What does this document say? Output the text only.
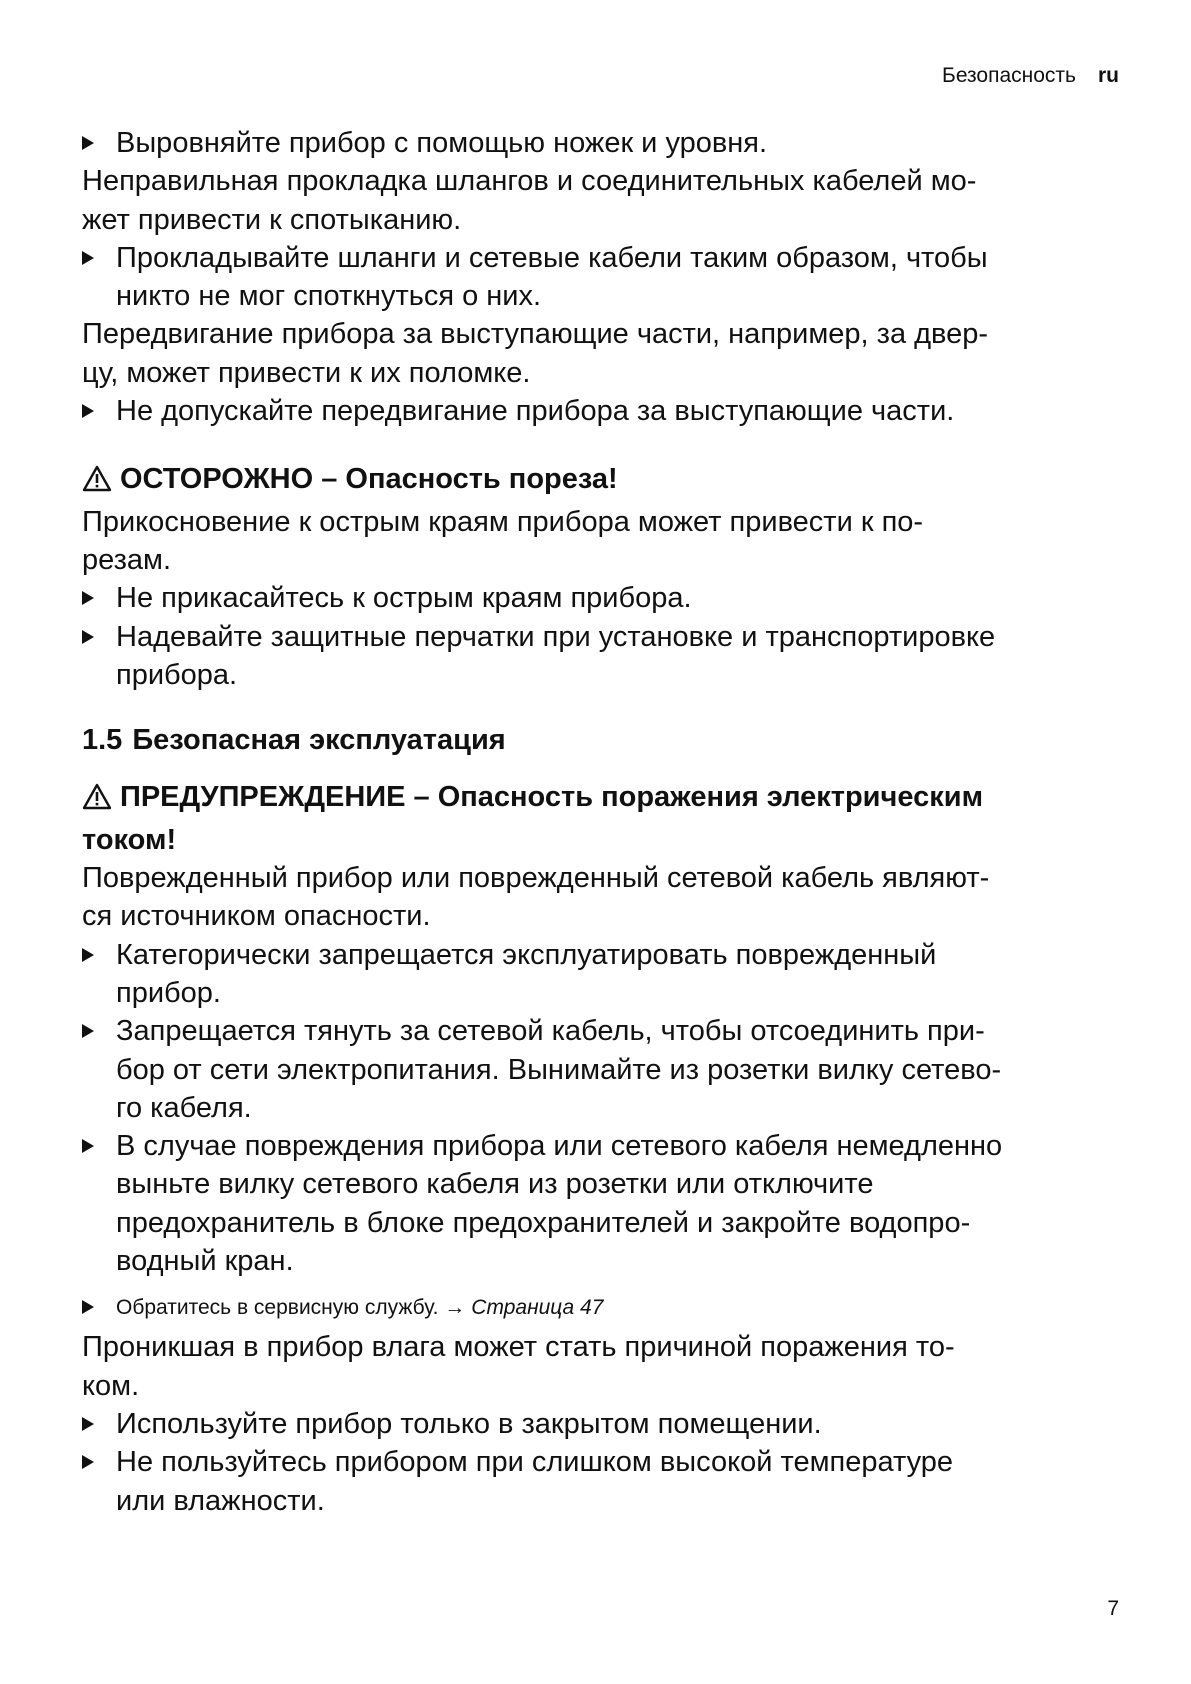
Безопасность ru
Выровняйте прибор с помощью ножек и уровня.
Неправильная прокладка шлангов и соединительных кабелей мо-
жет привести к спотыканию.
Прокладывайте шланги и сетевые кабели таким образом, чтобы
никто не мог споткнуться о них.
Передвигание прибора за выступающие части, например, за двер-
цу, может привести к их поломке.
Не допускайте передвигание прибора за выступающие части.
ОСТОРОЖНО – Опасность пореза!
Прикосновение к острым краям прибора может привести к по-
резам.
Не прикасайтесь к острым краям прибора.
Надевайте защитные перчатки при установке и транспортировке
прибора.
1.5 Безопасная эксплуатация
ПРЕДУПРЕЖДЕНИЕ – Опасность поражения электрическим
током!
Поврежденный прибор или поврежденный сетевой кабель являют-
ся источником опасности.
Категорически запрещается эксплуатировать поврежденный
прибор.
Запрещается тянуть за сетевой кабель, чтобы отсоединить при-
бор от сети электропитания. Вынимайте из розетки вилку сетево-
го кабеля.
В случае повреждения прибора или сетевого кабеля немедленно
выньте вилку сетевого кабеля из розетки или отключите
предохранитель в блоке предохранителей и закройте водопро-
водный кран.
Обратитесь в сервисную службу. → Страница 47
Проникшая в прибор влага может стать причиной поражения то-
ком.
Используйте прибор только в закрытом помещении.
Не пользуйтесь прибором при слишком высокой температуре
или влажности.
7
